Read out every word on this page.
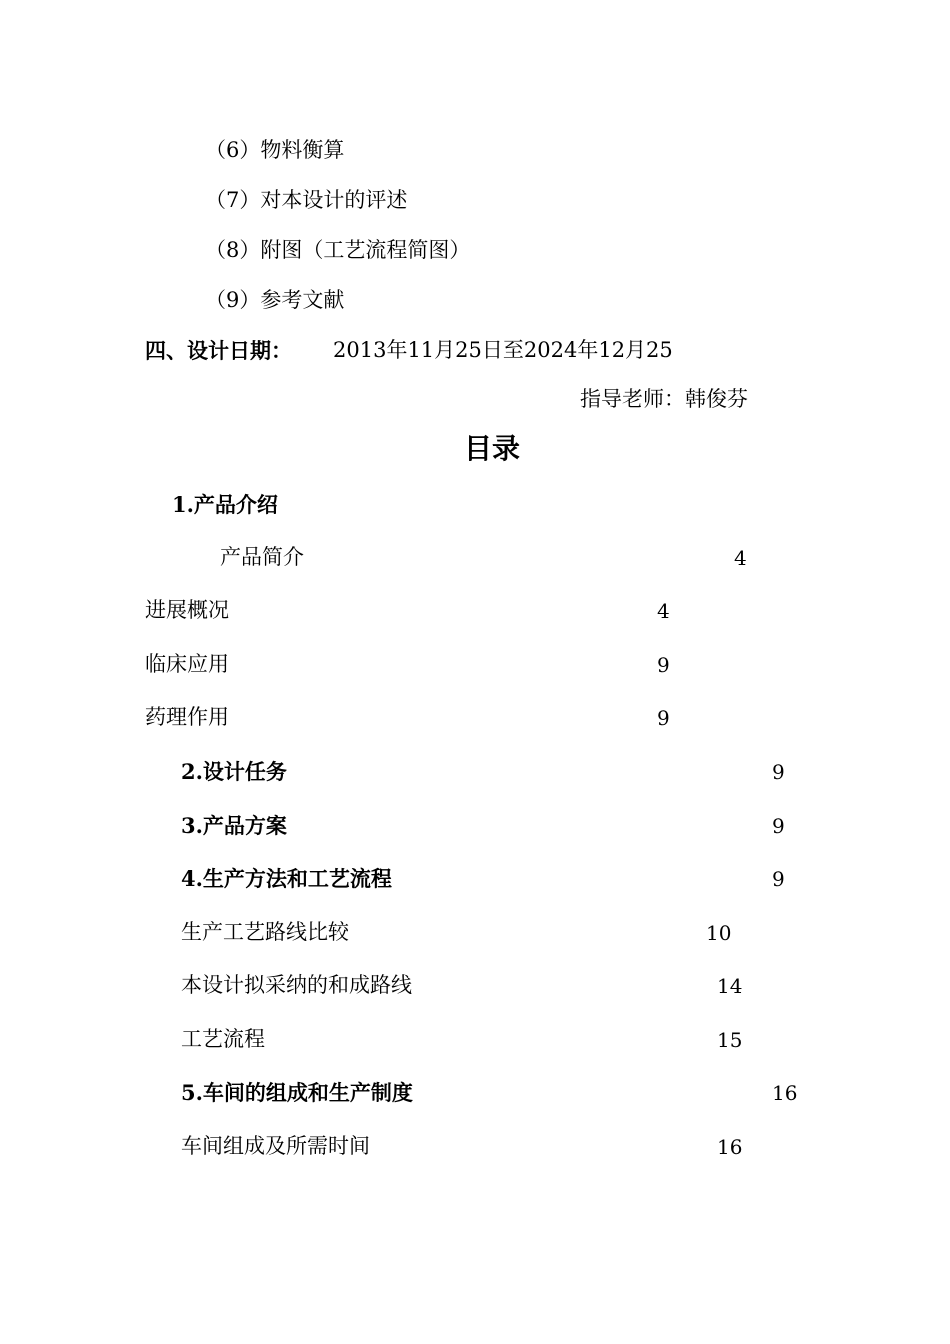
（6）物料衡算
（7）对本设计的评述
（8）附图（工艺流程简图）
（9）参考文献
四、设计日期： 2013年11月25日至2024年12月25
指导老师：韩俊芬
目录
1.产品介绍
产品简介	4
进展概况	4
临床应用	9
药理作用	9
2.设计任务	9
3.产品方案	9
4.生产方法和工艺流程	9
生产工艺路线比较	10
本设计拟采纳的和成路线	14
工艺流程	15
5.车间的组成和生产制度	16
车间组成及所需时间	16
